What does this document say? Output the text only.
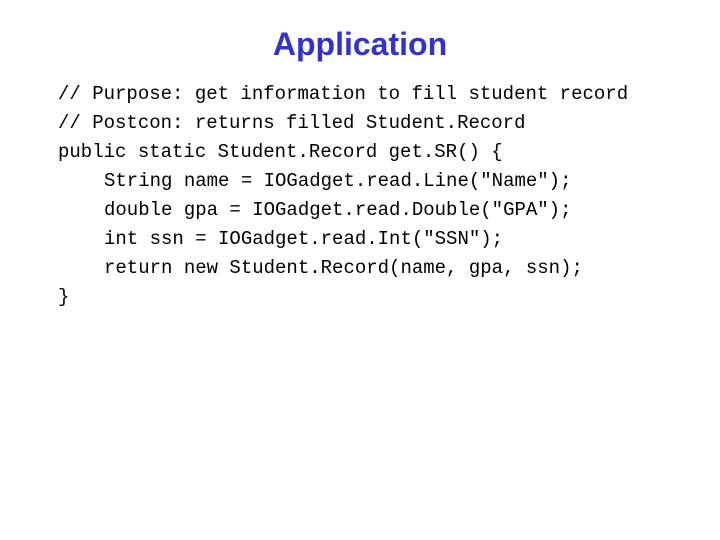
Application
// Purpose: get information to fill student record
// Postcon: returns filled Student.Record
public static Student.Record get.SR() {
String name = IOGadget.read.Line("Name");
double gpa = IOGadget.read.Double("GPA");
int ssn = IOGadget.read.Int("SSN");
return new Student.Record(name, gpa, ssn);
}
